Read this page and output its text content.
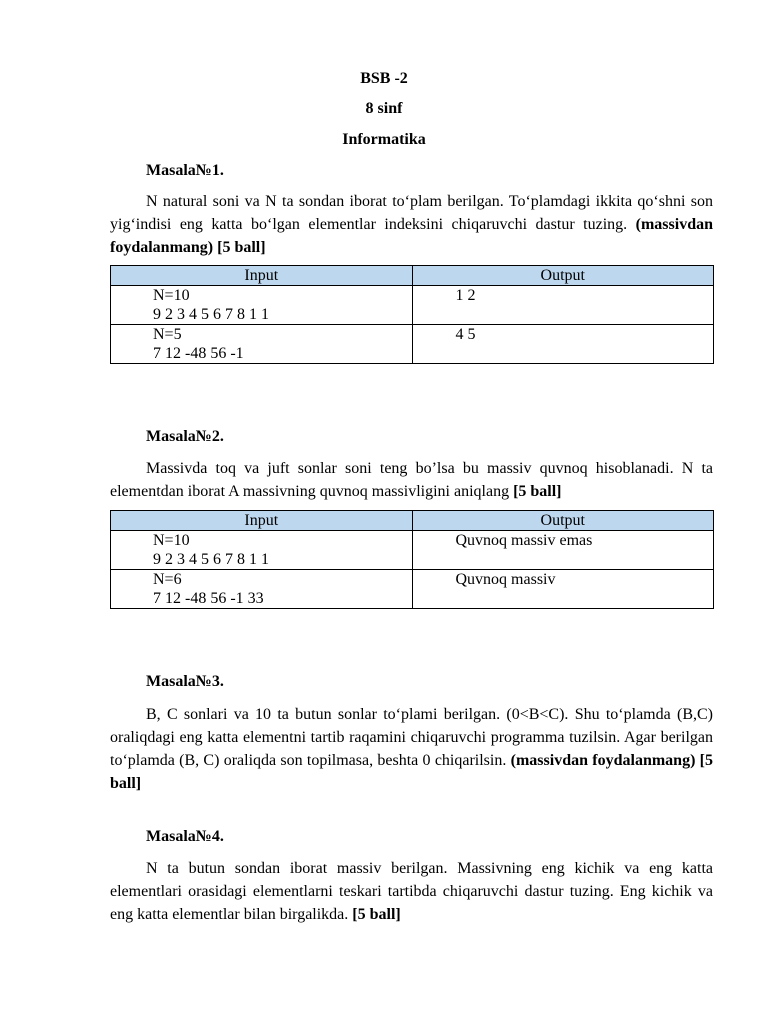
BSB -2
8 sinf
Informatika
Masala№1.
N natural soni va N ta sondan iborat to‘plam berilgan. To‘plamdagi ikkita qo‘shni son yig‘indisi eng katta bo‘lgan elementlar indeksini chiqaruvchi dastur tuzing. (massivdan foydalanmang) [5 ball]
Input	Output

N=10
9 2 3 4 5 6 7 8 1 1	1 2

N=5
7 12 -48 56 -1	4 5
Masala№2.
Massivda toq va juft sonlar soni teng bo’lsa bu massiv quvnoq hisoblanadi. N ta elementdan iborat A massivning quvnoq massivligini aniqlang [5 ball]
Input	Output

N=10
9 2 3 4 5 6 7 8 1 1	Quvnoq massiv emas

N=6
7 12 -48 56 -1 33	Quvnoq massiv
Masala№3.
B, C sonlari va 10 ta butun sonlar to‘plami berilgan. (0<B<C). Shu to‘plamda (B,C) oraliqdagi eng katta elementni tartib raqamini chiqaruvchi programma tuzilsin. Agar berilgan to‘plamda (B, C) oraliqda son topilmasa, beshta 0 chiqarilsin. (massivdan foydalanmang) [5 ball]
Masala№4.
N ta butun sondan iborat massiv berilgan. Massivning eng kichik va eng katta elementlari orasidagi elementlarni teskari tartibda chiqaruvchi dastur tuzing. Eng kichik va eng katta elementlar bilan birgalikda. [5 ball]
